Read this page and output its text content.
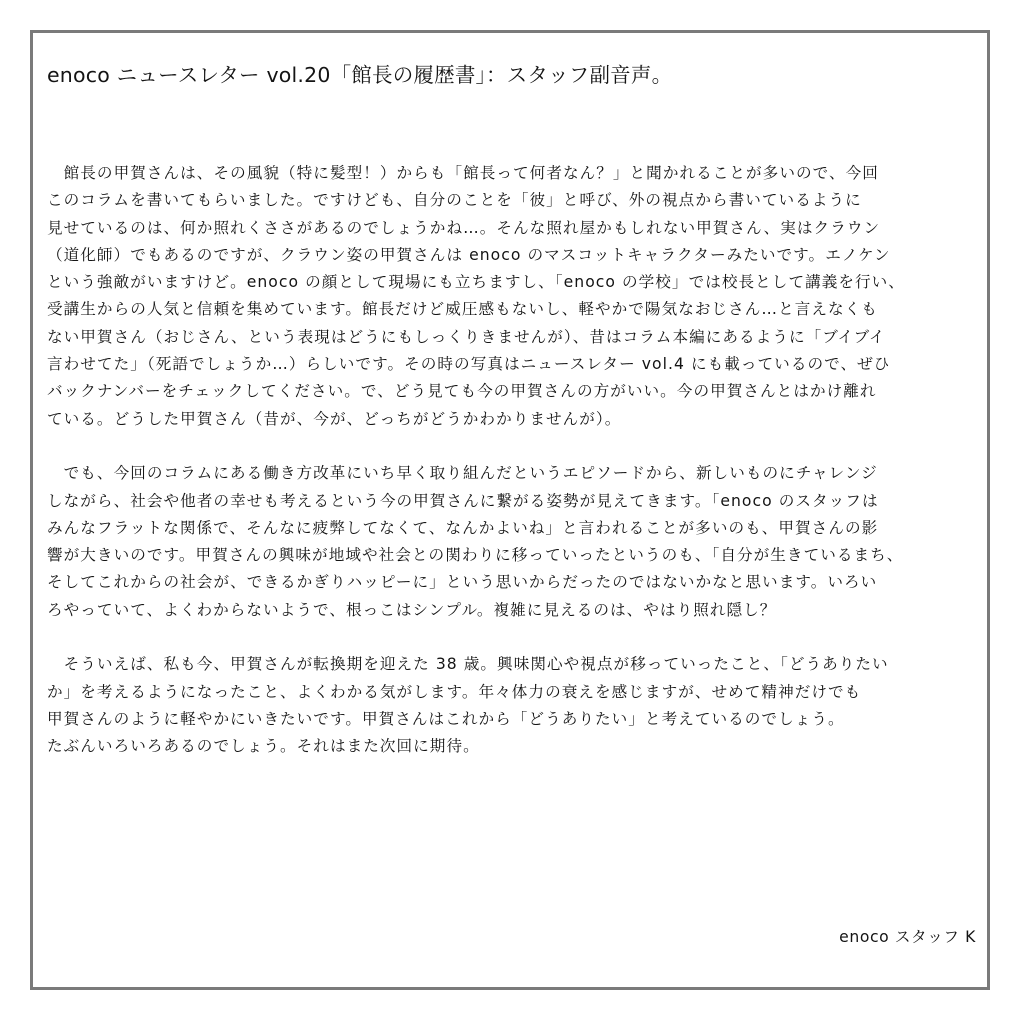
enoco ニュースレター vol.20「館長の履歴書」：スタッフ副音声。
　館長の甲賀さんは、その風貌（特に髪型！）からも「館長って何者なん？」と聞かれることが多いので、今回
このコラムを書いてもらいました。ですけども、自分のことを「彼」と呼び、外の視点から書いているように
見せているのは、何か照れくささがあるのでしょうかね…。そんな照れ屋かもしれない甲賀さん、実はクラウン
（道化師）でもあるのですが、クラウン姿の甲賀さんは enoco のマスコットキャラクターみたいです。エノケン
という強敵がいますけど。enoco の顔として現場にも立ちますし、「enoco の学校」では校長として講義を行い、
受講生からの人気と信頼を集めています。館長だけど威圧感もないし、軽やかで陽気なおじさん…と言えなくも
ない甲賀さん（おじさん、という表現はどうにもしっくりきませんが）、昔はコラム本編にあるように「ブイブイ
言わせてた」（死語でしょうか…）らしいです。その時の写真はニュースレター vol.4 にも載っているので、ぜひ
バックナンバーをチェックしてください。で、どう見ても今の甲賀さんの方がいい。今の甲賀さんとはかけ離れ
ている。どうした甲賀さん（昔が、今が、どっちがどうかわかりませんが）。
　でも、今回のコラムにある働き方改革にいち早く取り組んだというエピソードから、新しいものにチャレンジ
しながら、社会や他者の幸せも考えるという今の甲賀さんに繋がる姿勢が見えてきます。「enoco のスタッフは
みんなフラットな関係で、そんなに疲弊してなくて、なんかよいね」と言われることが多いのも、甲賀さんの影
響が大きいのです。甲賀さんの興味が地域や社会との関わりに移っていったというのも、「自分が生きているまち、
そしてこれからの社会が、できるかぎりハッピーに」という思いからだったのではないかなと思います。いろい
ろやっていて、よくわからないようで、根っこはシンプル。複雑に見えるのは、やはり照れ隠し？
　そういえば、私も今、甲賀さんが転換期を迎えた 38 歳。興味関心や視点が移っていったこと、「どうありたい
か」を考えるようになったこと、よくわかる気がします。年々体力の衰えを感じますが、せめて精神だけでも
甲賀さんのように軽やかにいきたいです。甲賀さんはこれから「どうありたい」と考えているのでしょう。
たぶんいろいろあるのでしょう。それはまた次回に期待。
enoco スタッフ K
